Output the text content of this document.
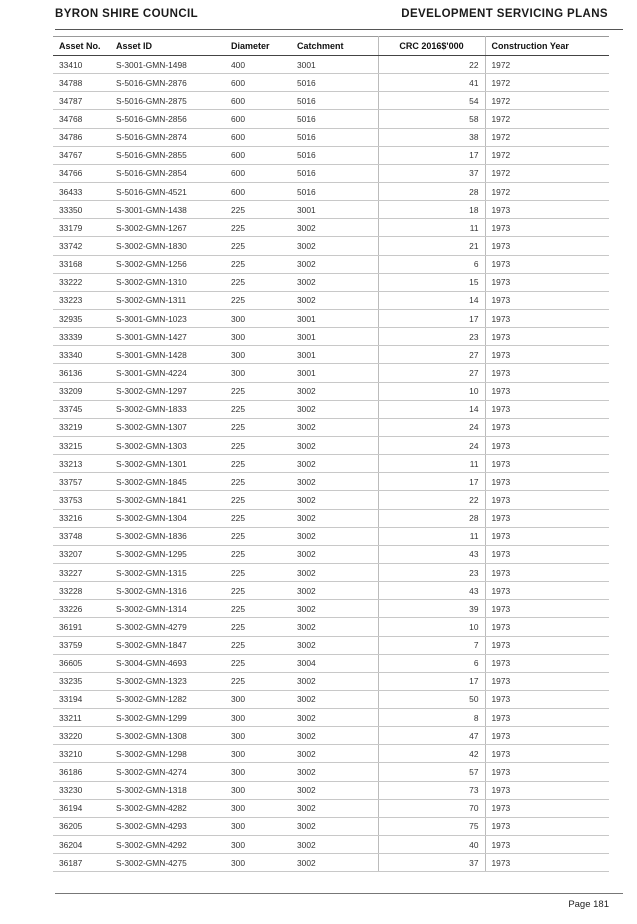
BYRON SHIRE COUNCIL	DEVELOPMENT SERVICING PLANS
Asset No.	Asset ID	Diameter	Catchment	CRC 2016$'000	Construction Year
33410	S-3001-GMN-1498	400	3001	22	1972
34788	S-5016-GMN-2876	600	5016	41	1972
34787	S-5016-GMN-2875	600	5016	54	1972
34768	S-5016-GMN-2856	600	5016	58	1972
34786	S-5016-GMN-2874	600	5016	38	1972
34767	S-5016-GMN-2855	600	5016	17	1972
34766	S-5016-GMN-2854	600	5016	37	1972
36433	S-5016-GMN-4521	600	5016	28	1972
33350	S-3001-GMN-1438	225	3001	18	1973
33179	S-3002-GMN-1267	225	3002	11	1973
33742	S-3002-GMN-1830	225	3002	21	1973
33168	S-3002-GMN-1256	225	3002	6	1973
33222	S-3002-GMN-1310	225	3002	15	1973
33223	S-3002-GMN-1311	225	3002	14	1973
32935	S-3001-GMN-1023	300	3001	17	1973
33339	S-3001-GMN-1427	300	3001	23	1973
33340	S-3001-GMN-1428	300	3001	27	1973
36136	S-3001-GMN-4224	300	3001	27	1973
33209	S-3002-GMN-1297	225	3002	10	1973
33745	S-3002-GMN-1833	225	3002	14	1973
33219	S-3002-GMN-1307	225	3002	24	1973
33215	S-3002-GMN-1303	225	3002	24	1973
33213	S-3002-GMN-1301	225	3002	11	1973
33757	S-3002-GMN-1845	225	3002	17	1973
33753	S-3002-GMN-1841	225	3002	22	1973
33216	S-3002-GMN-1304	225	3002	28	1973
33748	S-3002-GMN-1836	225	3002	11	1973
33207	S-3002-GMN-1295	225	3002	43	1973
33227	S-3002-GMN-1315	225	3002	23	1973
33228	S-3002-GMN-1316	225	3002	43	1973
33226	S-3002-GMN-1314	225	3002	39	1973
36191	S-3002-GMN-4279	225	3002	10	1973
33759	S-3002-GMN-1847	225	3002	7	1973
36605	S-3004-GMN-4693	225	3004	6	1973
33235	S-3002-GMN-1323	225	3002	17	1973
33194	S-3002-GMN-1282	300	3002	50	1973
33211	S-3002-GMN-1299	300	3002	8	1973
33220	S-3002-GMN-1308	300	3002	47	1973
33210	S-3002-GMN-1298	300	3002	42	1973
36186	S-3002-GMN-4274	300	3002	57	1973
33230	S-3002-GMN-1318	300	3002	73	1973
36194	S-3002-GMN-4282	300	3002	70	1973
36205	S-3002-GMN-4293	300	3002	75	1973
36204	S-3002-GMN-4292	300	3002	40	1973
36187	S-3002-GMN-4275	300	3002	37	1973
Page 181
